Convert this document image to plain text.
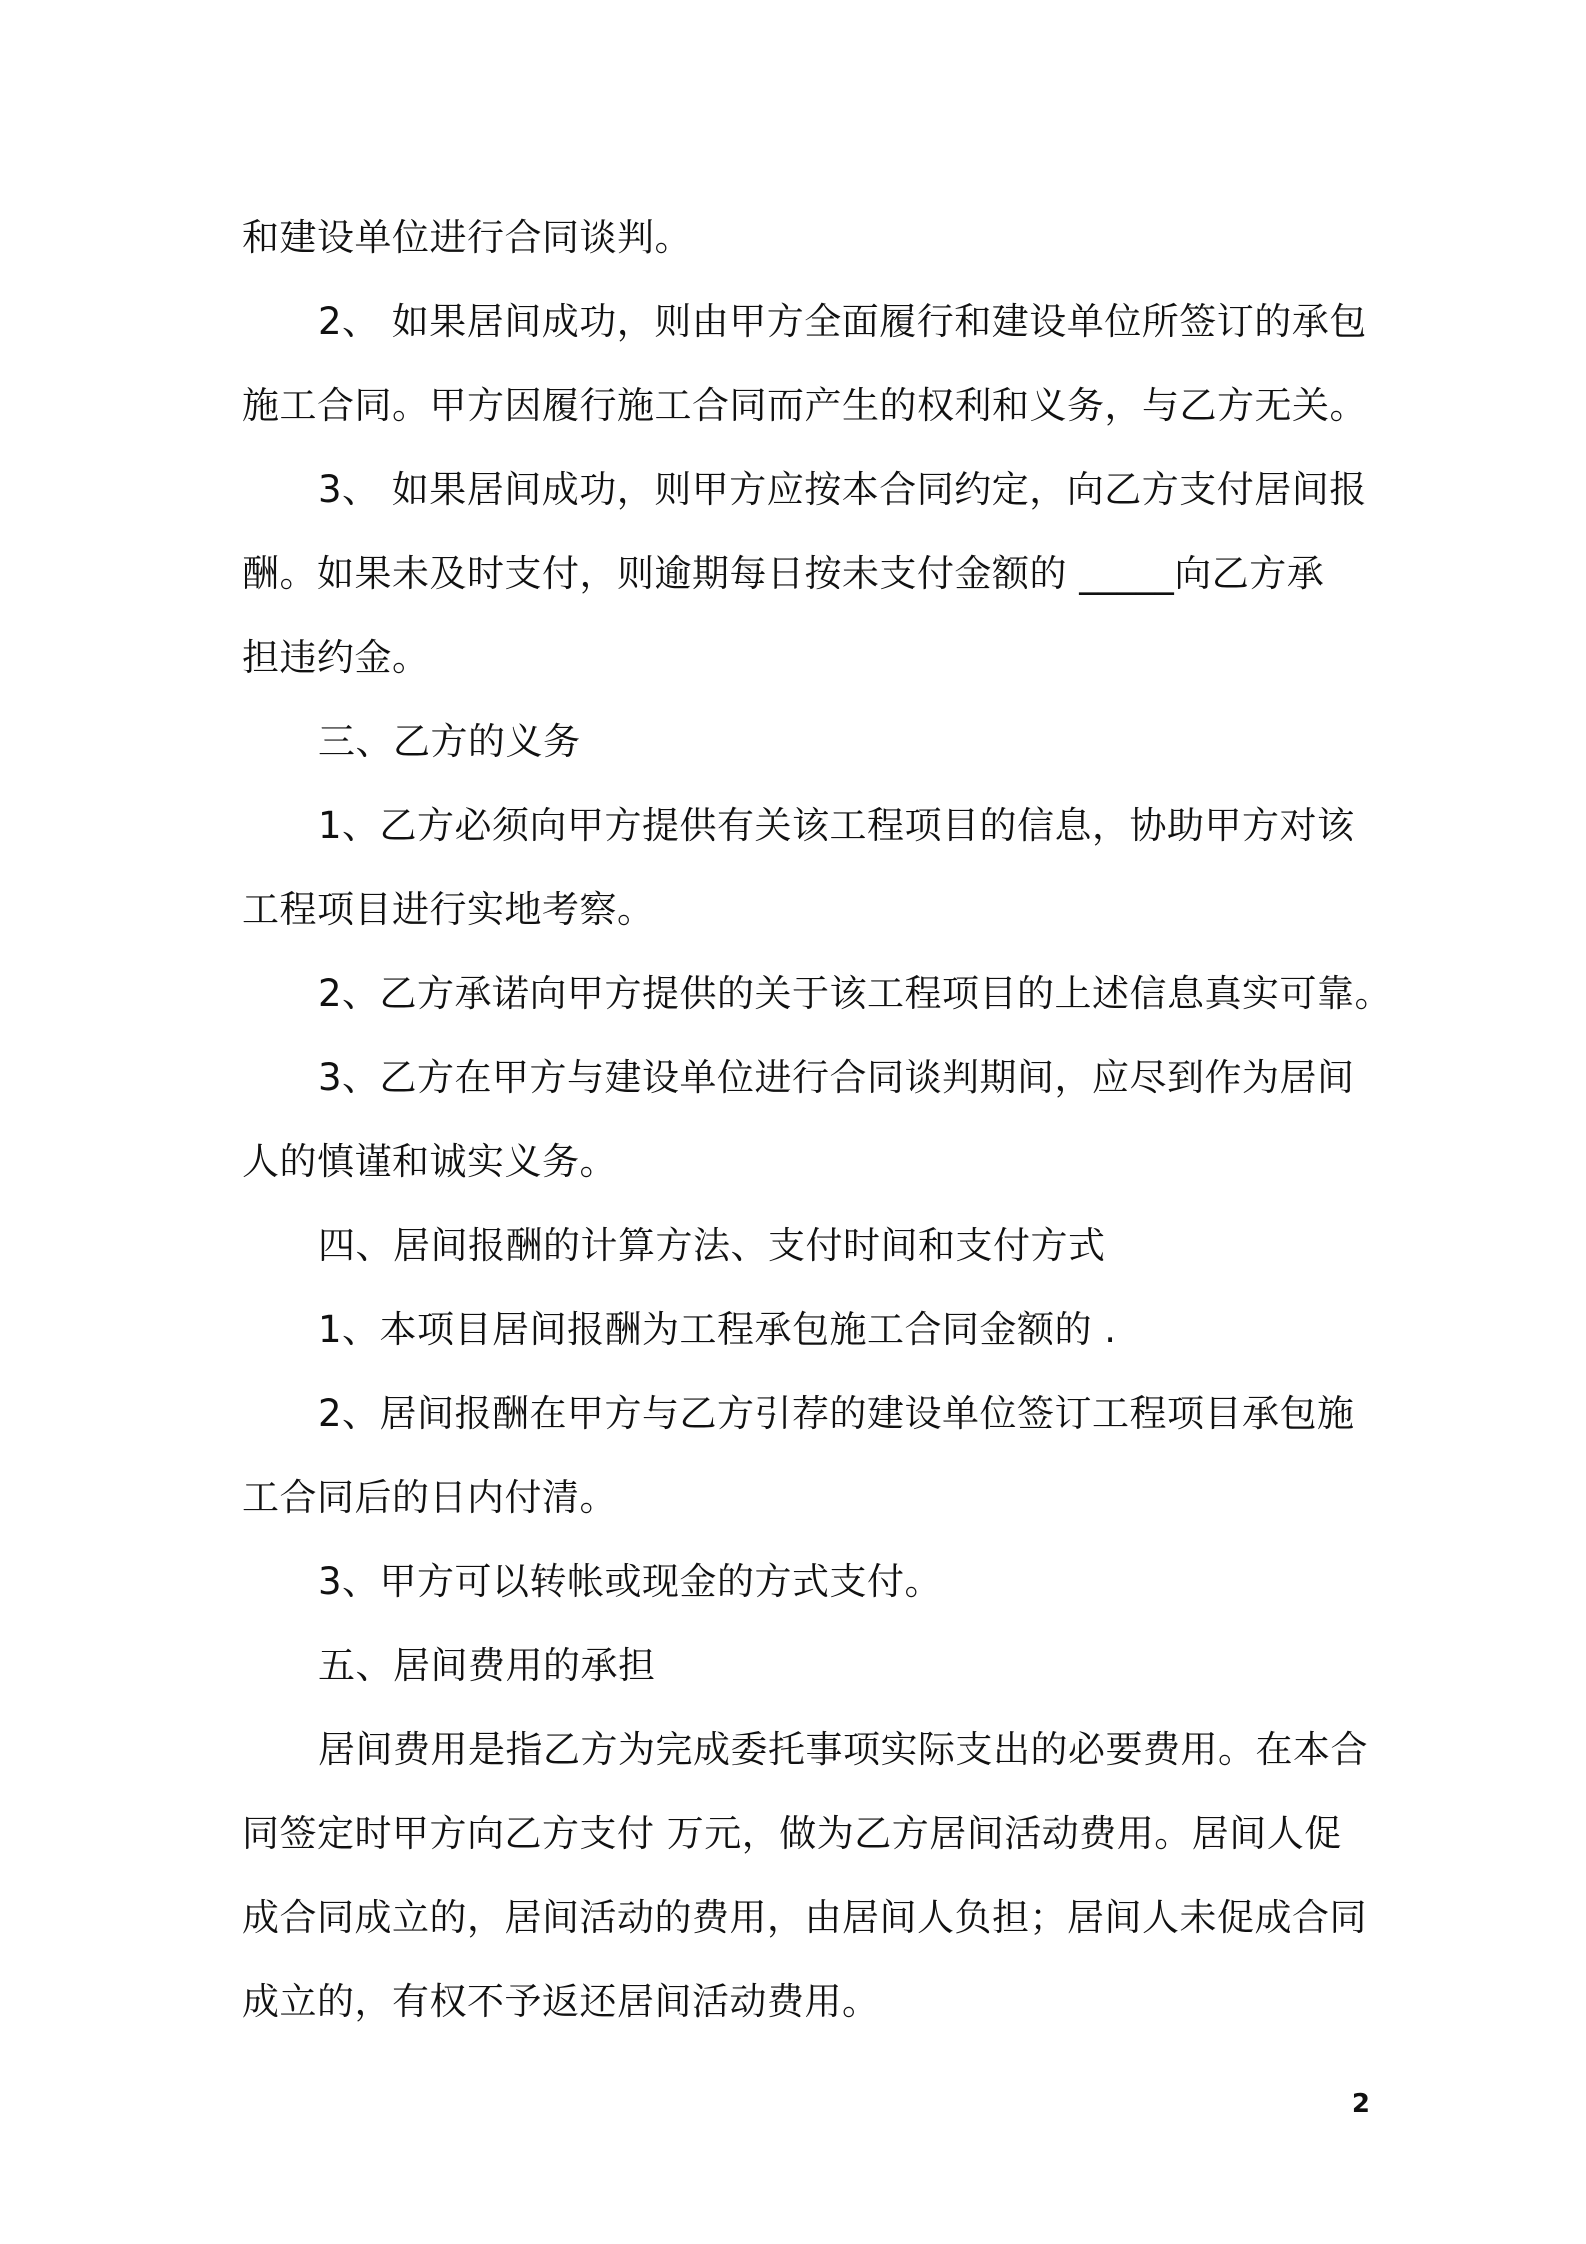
和建设单位进行合同谈判。
2、 如果居间成功，则由甲方全面履行和建设单位所签订的承包
施工合同。甲方因履行施工合同而产生的权利和义务，与乙方无关。
3、 如果居间成功，则甲方应按本合同约定，向乙方支付居间报
酬。如果未及时支付，则逾期每日按未支付金额的 _____向乙方承
担违约金。
三、乙方的义务
1、乙方必须向甲方提供有关该工程项目的信息，协助甲方对该
工程项目进行实地考察。
2、乙方承诺向甲方提供的关于该工程项目的上述信息真实可靠。
3、乙方在甲方与建设单位进行合同谈判期间，应尽到作为居间
人的慎谨和诚实义务。
四、居间报酬的计算方法、支付时间和支付方式
1、本项目居间报酬为工程承包施工合同金额的 .
2、居间报酬在甲方与乙方引荐的建设单位签订工程项目承包施
工合同后的日内付清。
3、甲方可以转帐或现金的方式支付。
五、居间费用的承担
居间费用是指乙方为完成委托事项实际支出的必要费用。在本合
同签定时甲方向乙方支付 万元，做为乙方居间活动费用。居间人促
成合同成立的，居间活动的费用，由居间人负担；居间人未促成合同
成立的，有权不予返还居间活动费用。
2
